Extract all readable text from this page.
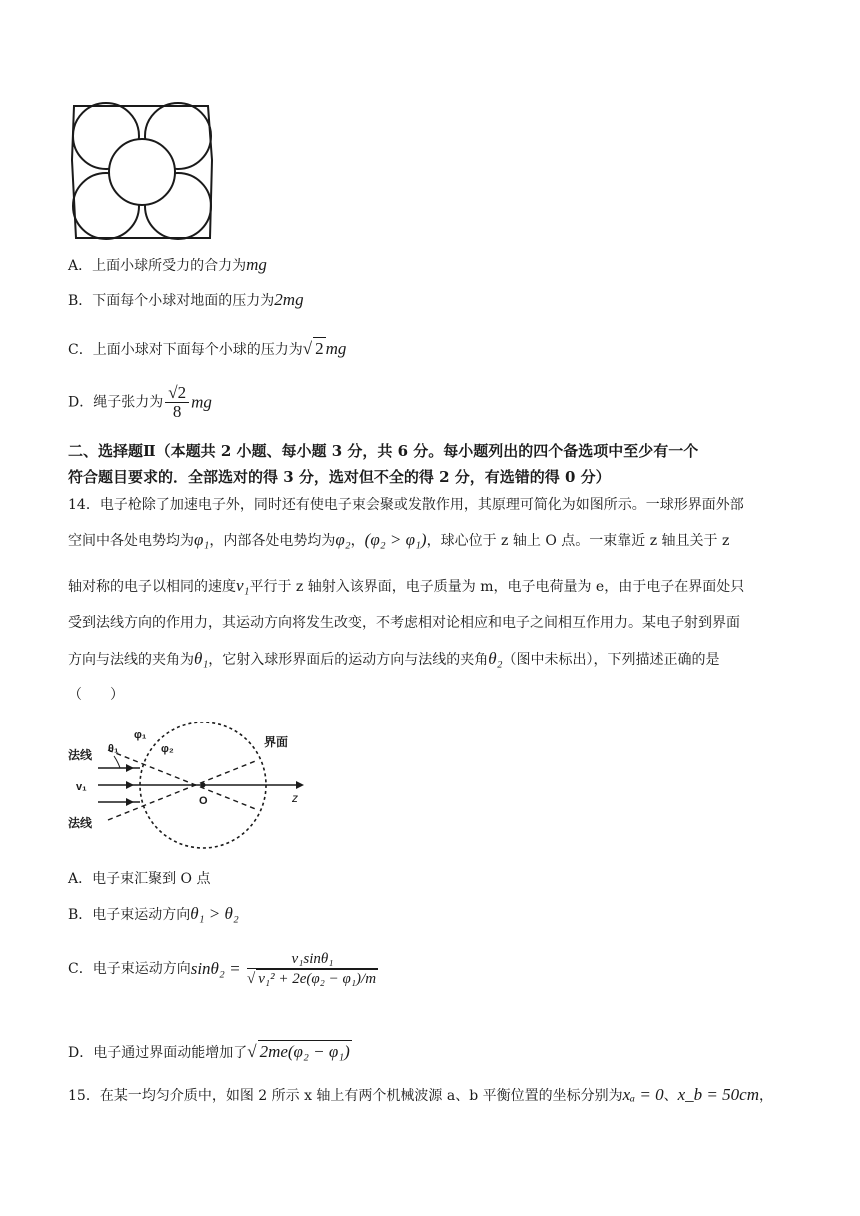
A．上面小球所受力的合力为mg
B．下面每个小球对地面的压力为2mg
C．上面小球对下面每个小球的压力为√ 2 mg
D．绳子张力为 $\frac{√2}{8}$ mg
二、选择题Ⅱ（本题共 2 小题、每小题 3 分，共 6 分。每小题列出的四个备选项中至少有一个
符合题目要求的．全部选对的得 3 分，选对但不全的得 2 分，有选错的得 0 分）
14．电子枪除了加速电子外，同时还有使电子束会聚或发散作用，其原理可简化为如图所示。一球形界面外部
空间中各处电势均为φ₁，内部各处电势均为φ₂，(φ₂ > φ₁)，球心位于 z 轴上 O 点。一束靠近 z 轴且关于 z
轴对称的电子以相同的速度v₁平行于 z 轴射入该界面，电子质量为 m，电子电荷量为 e，由于电子在界面处只
受到法线方向的作用力，其运动方向将发生改变，不考虑相对论相应和电子之间相互作用力。某电子射到界面
方向与法线的夹角为θ₁，它射入球形界面后的运动方向与法线的夹角θ₂（图中未标出），下列描述正确的是
（　　）
法线 θ₁
φ₁
φ₂	界面
v₁
O	z
法线
A．电子束汇聚到 O 点
B．电子束运动方向θ₁ > θ₂
C．电子束运动方向$\sin\theta_2 = \frac{\text{v₁sinθ₁}}{\text{√ v₁² + 2e(φ₂ − φ₁)/m}}$
D．电子通过界面动能增加了√ 2me(φ₂ − φ₁)
15．在某一均匀介质中，如图 2 所示 x 轴上有两个机械波源 a、b 平衡位置的坐标分别为xₐ = 0、x_b = 50cm，
